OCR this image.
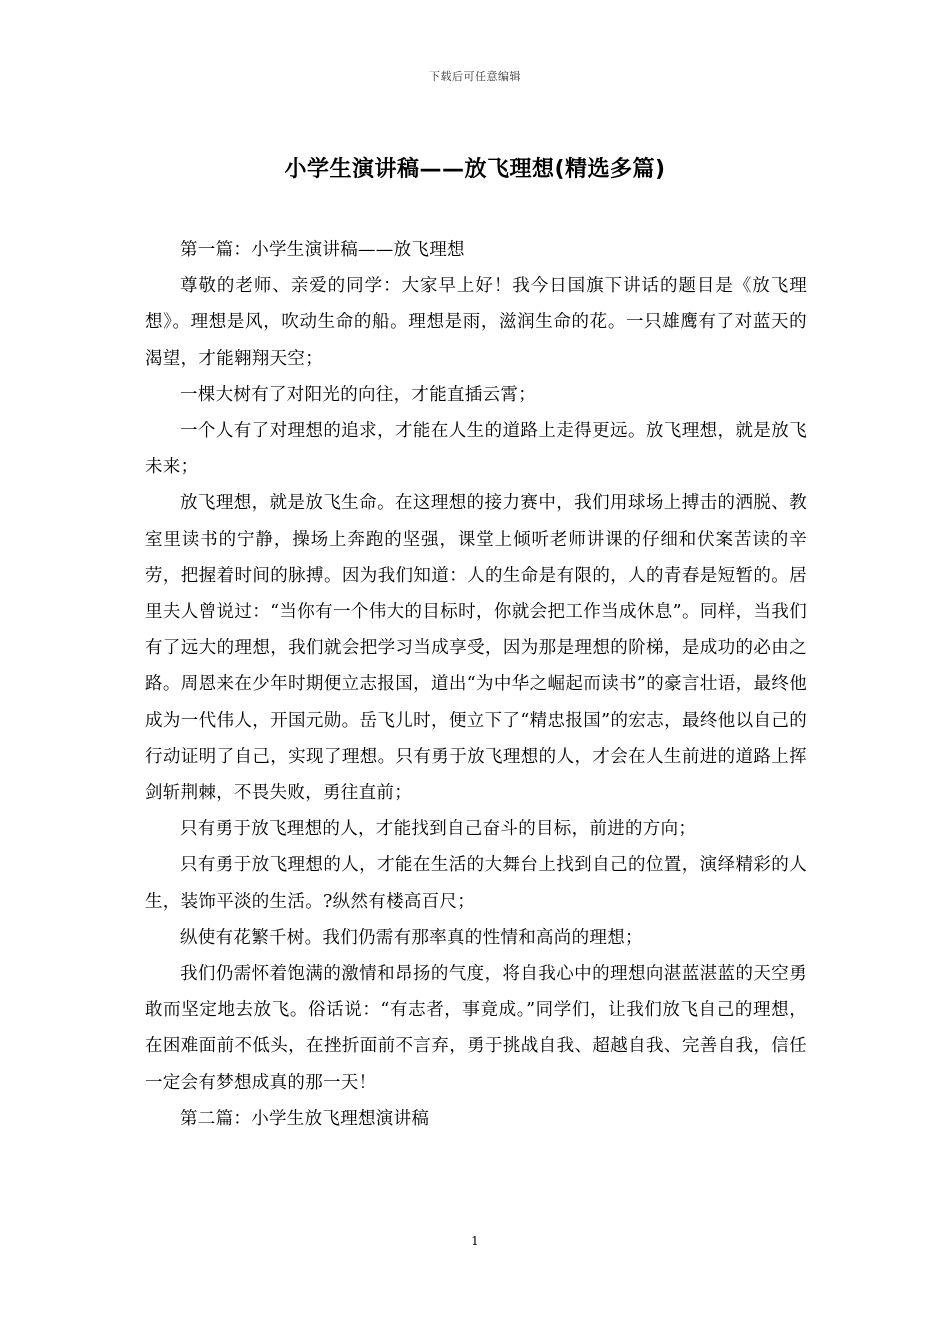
下载后可任意编辑
小学生演讲稿——放飞理想(精选多篇)

第一篇：小学生演讲稿——放飞理想

尊敬的老师、亲爱的同学：大家早上好！我今日国旗下讲话的题目是《放飞理想》。理想是风，吹动生命的船。理想是雨，滋润生命的花。一只雄鹰有了对蓝天的渴望，才能翱翔天空；

一棵大树有了对阳光的向往，才能直插云霄；

一个人有了对理想的追求，才能在人生的道路上走得更远。放飞理想，就是放飞未来；

放飞理想，就是放飞生命。在这理想的接力赛中，我们用球场上搏击的洒脱、教室里读书的宁静，操场上奔跑的坚强，课堂上倾听老师讲课的仔细和伏案苦读的辛劳，把握着时间的脉搏。因为我们知道：人的生命是有限的，人的青春是短暂的。居里夫人曾说过：“当你有一个伟大的目标时，你就会把工作当成休息”。同样，当我们有了远大的理想，我们就会把学习当成享受，因为那是理想的阶梯，是成功的必由之路。周恩来在少年时期便立志报国，道出“为中华之崛起而读书”的豪言壮语，最终他成为一代伟人，开国元勋。岳飞儿时，便立下了“精忠报国”的宏志，最终他以自己的行动证明了自己，实现了理想。只有勇于放飞理想的人，才会在人生前进的道路上挥剑斩荆棘，不畏失败，勇往直前；

只有勇于放飞理想的人，才能找到自己奋斗的目标，前进的方向；

只有勇于放飞理想的人，才能在生活的大舞台上找到自己的位置，演绎精彩的人生，装饰平淡的生活。?纵然有楼高百尺；

纵使有花繁千树。我们仍需有那率真的性情和高尚的理想；

我们仍需怀着饱满的激情和昂扬的气度，将自我心中的理想向湛蓝湛蓝的天空勇敢而坚定地去放飞。俗话说：“有志者，事竟成。”同学们，让我们放飞自己的理想，在困难面前不低头，在挫折面前不言弃，勇于挑战自我、超越自我、完善自我，信任一定会有梦想成真的那一天！

第二篇：小学生放飞理想演讲稿

1
